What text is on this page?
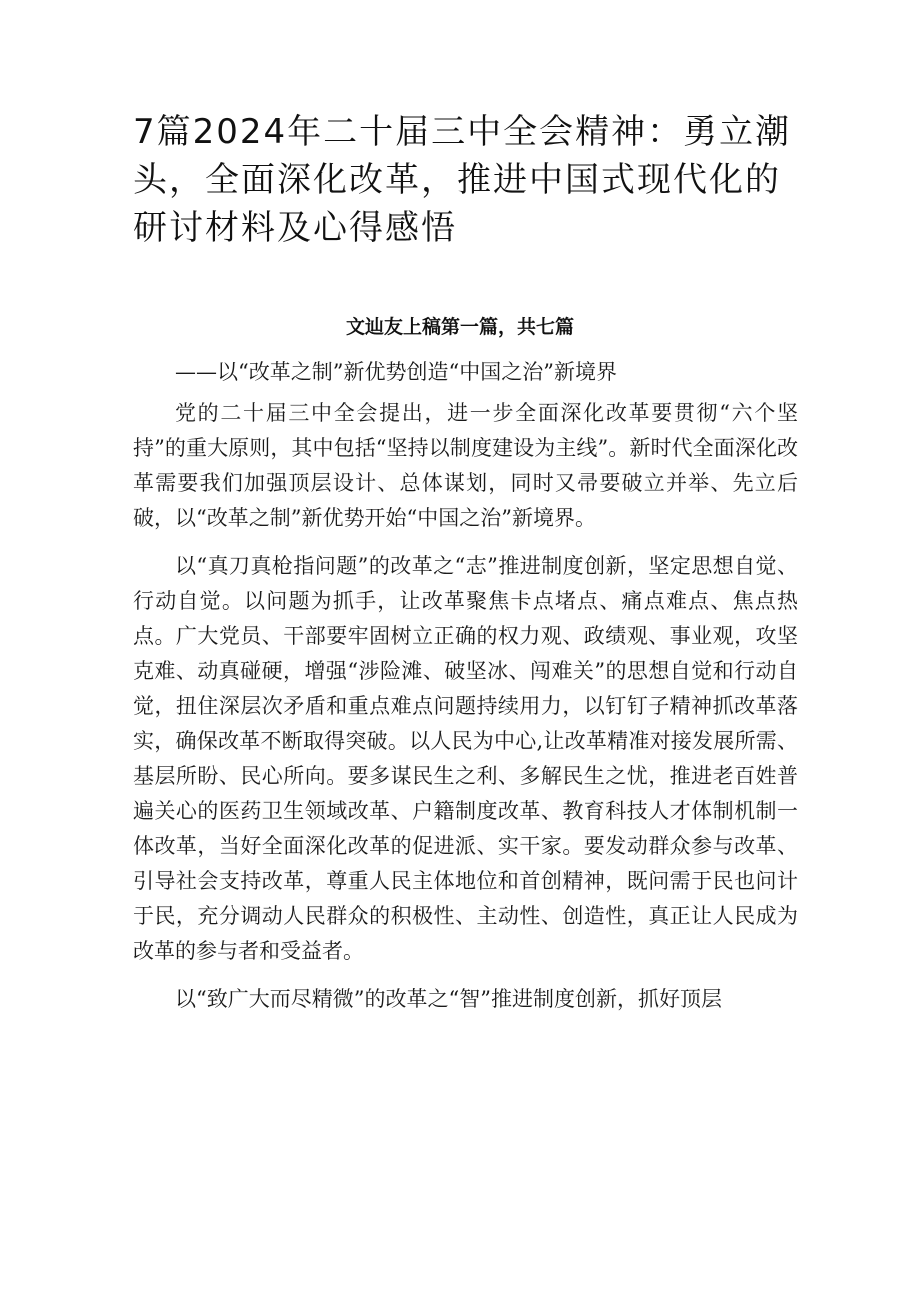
7篇2024年二十届三中全会精神：勇立潮头，全面深化改革，推进中国式现代化的研讨材料及心得感悟
文辿友上稿第一篇，共七篇

——以“改革之制”新优势创造“中国之治”新境界

党的二十届三中全会提出，进一步全面深化改革要贯彻“六个坚持”的重大原则，其中包括“坚持以制度建设为主线”。新时代全面深化改革需要我们加强顶层设计、总体谋划，同时又帚要破立并举、先立后破，以“改革之制”新优势开始“中国之治”新境界。

以“真刀真枪指问题”的改革之“志”推进制度创新，坚定思想自觉、行动自觉。以问题为抓手，让改革聚焦卡点堵点、痛点难点、焦点热点。广大党员、干部要牢固树立正确的权力观、政绩观、事业观，攻坚克难、动真碰硬，增强“涉险滩、破坚冰、闯难关”的思想自觉和行动自觉，扭住深层次矛盾和重点难点问题持续用力，以钉钉子精神抓改革落实，确保改革不断取得突破。以人民为中心,让改革精准对接发展所需、基层所盼、民心所向。要多谋民生之利、多解民生之忧，推进老百姓普遍关心的医药卫生领域改革、户籍制度改革、教育科技人才体制机制一体改革，当好全面深化改革的促进派、实干家。要发动群众参与改革、引导社会支持改革，尊重人民主体地位和首创精神，既问需于民也问计于民，充分调动人民群众的积极性、主动性、创造性，真正让人民成为改革的参与者和受益者。

以“致广大而尽精微”的改革之“智”推进制度创新，抓好顶层
